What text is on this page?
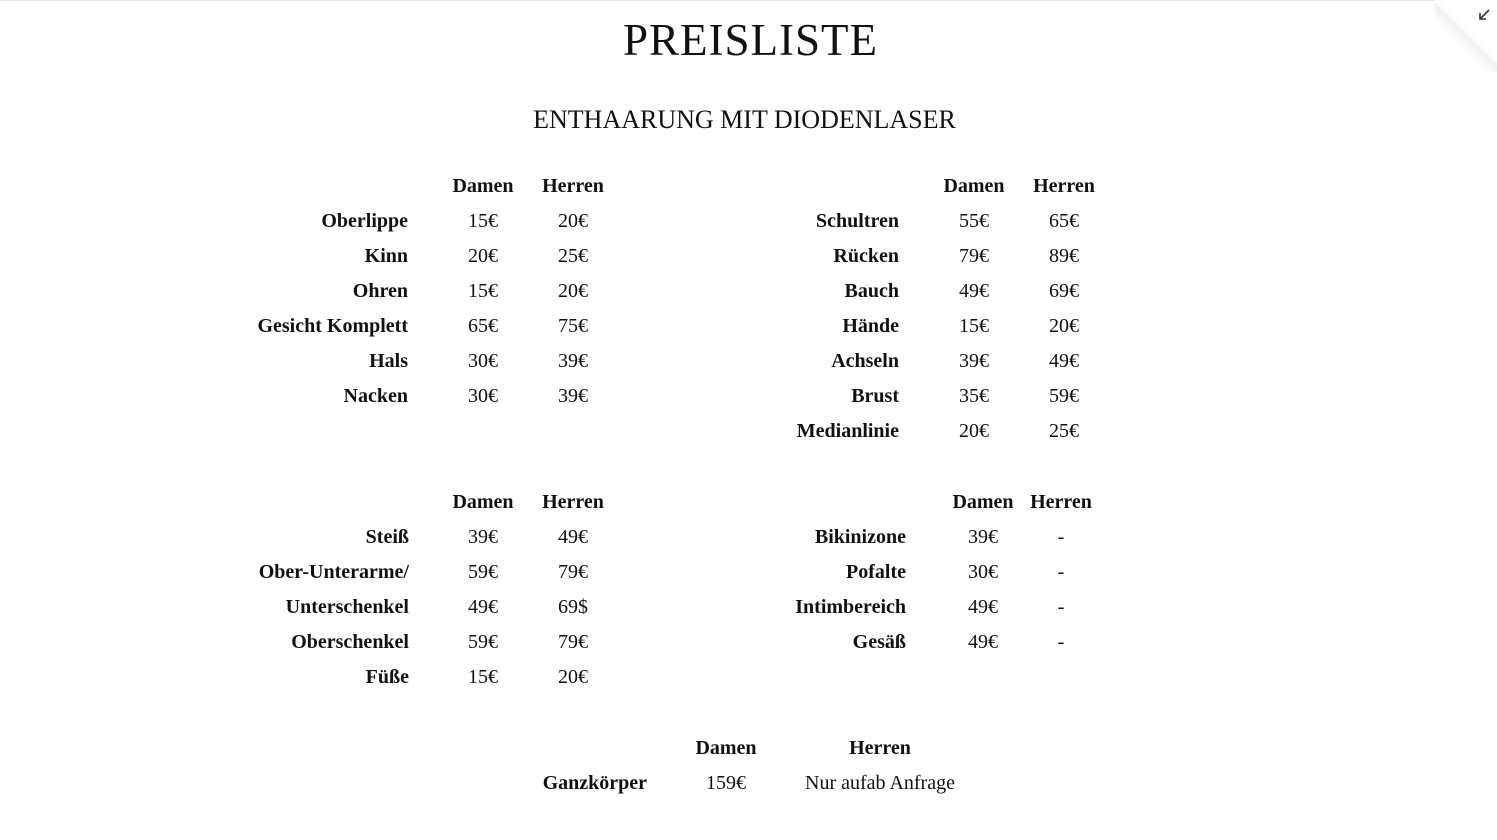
PREISLISTE
ENTHAARUNG MIT DIODENLASER
Damen	Herren
Oberlippe	15€	20€
Kinn	20€	25€
Ohren	15€	20€
Gesicht Komplett	65€	75€
Hals	30€	39€
Nacken	30€	39€
Damen	Herren
Schultren	55€	65€
Rücken	79€	89€
Bauch	49€	69€
Hände	15€	20€
Achseln	39€	49€
Brust	35€	59€
Medianlinie	20€	25€
Damen	Herren
Steiß	39€	49€
Ober-Unterarme/	59€	79€
Unterschenkel	49€	69$
Oberschenkel	59€	79€
Füße	15€	20€
Damen Herren
Bikinizone	39€	-
Pofalte	30€	-
Intimbereich	49€	-
Gesäß	49€	-
Damen	Herren
Ganzkörper	159€	Nur aufab Anfrage
